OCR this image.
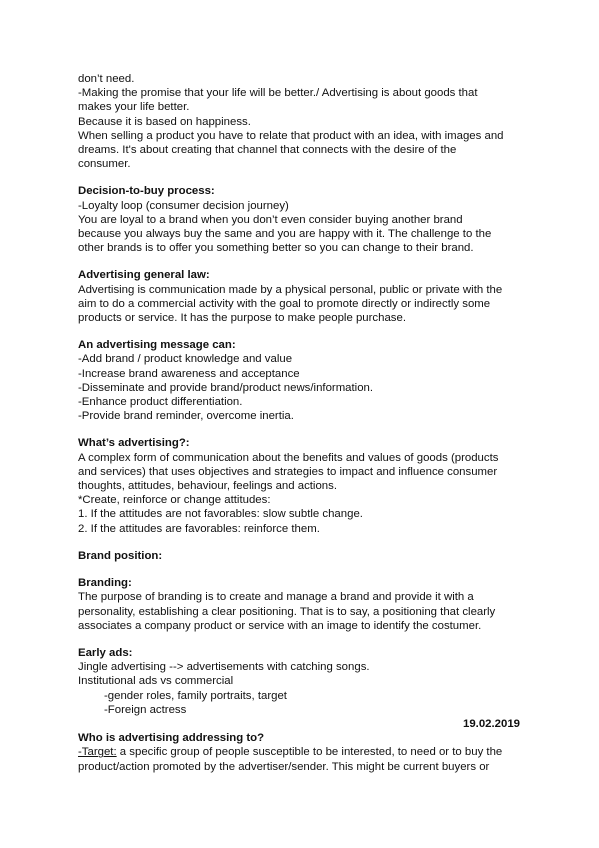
don’t need.
-Making the promise that your life will be better./ Advertising is about goods that
makes your life better.
Because it is based on happiness.
When selling a product you have to relate that product with an idea, with images and
dreams. It's about creating that channel that connects with the desire of the
consumer.
Decision-to-buy process:
-Loyalty loop (consumer decision journey)
You are loyal to a brand when you don’t even consider buying another brand
because you always buy the same and you are happy with it. The challenge to the
other brands is to offer you something better so you can change to their brand.
Advertising general law:
Advertising is communication made by a physical personal, public or private with the
aim to do a commercial activity with the goal to promote directly or indirectly some
products or service. It has the purpose to make people purchase.
An advertising message can:
-Add brand / product knowledge and value
-Increase brand awareness and acceptance
-Disseminate and provide brand/product news/information.
-Enhance product differentiation.
-Provide brand reminder, overcome inertia.
What’s advertising?:
A complex form of communication about the benefits and values of goods (products
and services) that uses objectives and strategies to impact and influence consumer
thoughts, attitudes, behaviour, feelings and actions.
*Create, reinforce or change attitudes:
1. If the attitudes are not favorables: slow subtle change.
2. If the attitudes are favorables: reinforce them.
Brand position:
Branding:
The purpose of branding is to create and manage a brand and provide it with a
personality, establishing a clear positioning. That is to say, a positioning that clearly
associates a company product or service with an image to identify the costumer.
Early ads:
Jingle advertising --> advertisements with catching songs.
Institutional ads vs commercial
-gender roles, family portraits, target
-Foreign actress
19.02.2019
Who is advertising addressing to?
-Target: a specific group of people susceptible to be interested, to need or to buy the
product/action promoted by the advertiser/sender. This might be current buyers or
